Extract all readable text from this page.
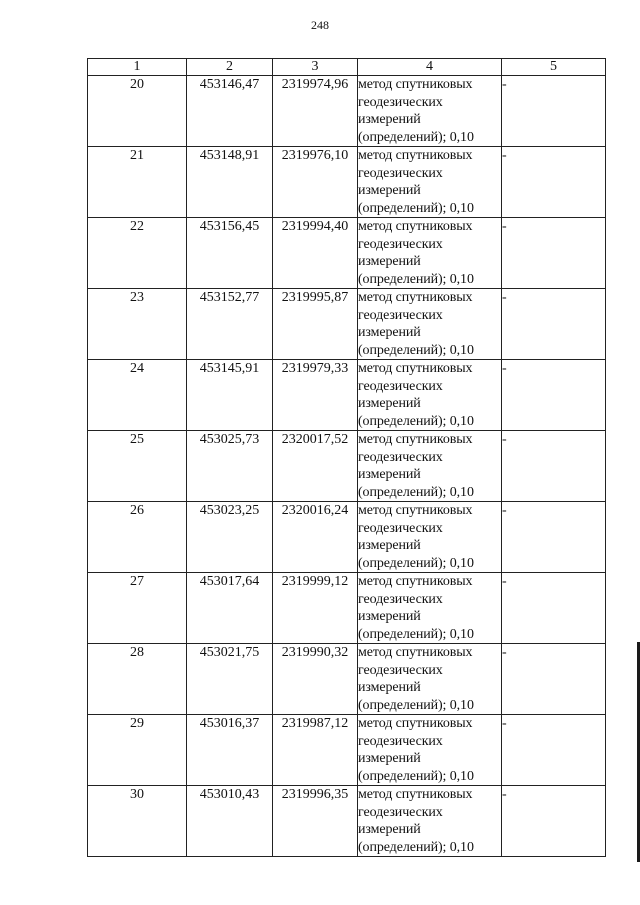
248
1	2	3	4	5
20	453146,47	2319974,96	метод спутниковых
геодезических
измерений
(определений); 0,10	-
21	453148,91	2319976,10	метод спутниковых
геодезических
измерений
(определений); 0,10	-
22	453156,45	2319994,40	метод спутниковых
геодезических
измерений
(определений); 0,10	-
23	453152,77	2319995,87	метод спутниковых
геодезических
измерений
(определений); 0,10	-
24	453145,91	2319979,33	метод спутниковых
геодезических
измерений
(определений); 0,10	-
25	453025,73	2320017,52	метод спутниковых
геодезических
измерений
(определений); 0,10	-
26	453023,25	2320016,24	метод спутниковых
геодезических
измерений
(определений); 0,10	-
27	453017,64	2319999,12	метод спутниковых
геодезических
измерений
(определений); 0,10	-
28	453021,75	2319990,32	метод спутниковых
геодезических
измерений
(определений); 0,10	-
29	453016,37	2319987,12	метод спутниковых
геодезических
измерений
(определений); 0,10	-
30	453010,43	2319996,35	метод спутниковых
геодезических
измерений
(определений); 0,10	-
